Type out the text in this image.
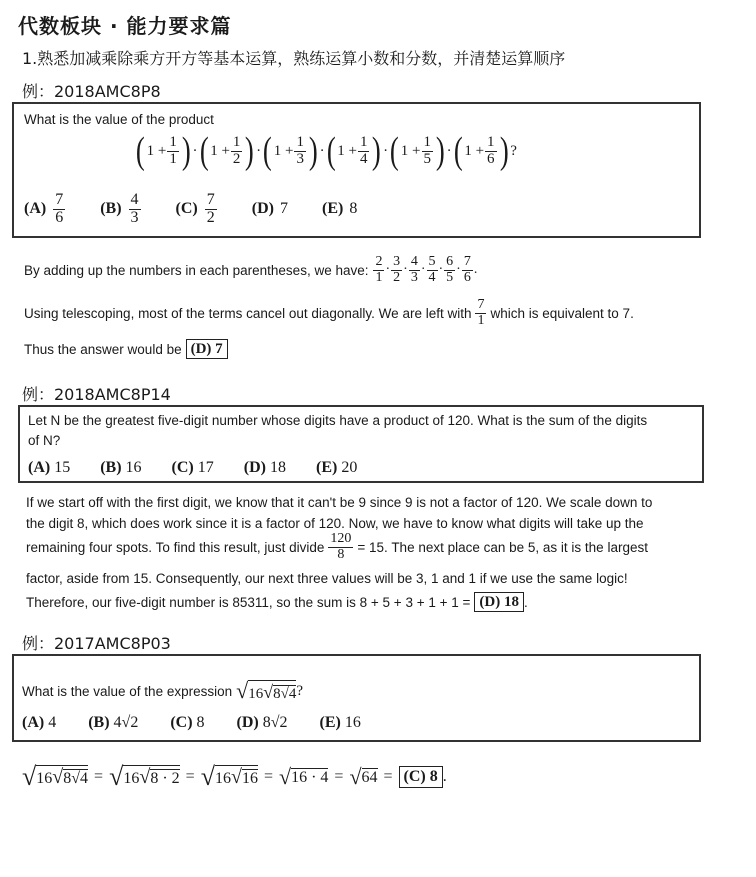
代数板块 · 能力要求篇
1.熟悉加减乘除乘方开方等基本运算，熟练运算小数和分数，并清楚运算顺序
例：2018AMC8P8
What is the value of the product
( $1 + \frac{1}{1}$ ) · ( $1 + \frac{1}{2}$ ) · ( $1 + \frac{1}{3}$ ) · ( $1 + \frac{1}{4}$ ) · ( $1 + \frac{1}{5}$ ) · ( $1 + \frac{1}{6}$ ) ?
$(A) \frac{7}{6} (B) \frac{4}{3} (C) \frac{7}{2} (D)$ 7 (E) 8
By adding up the numbers in each parentheses, we have: $\frac{2}{1} \cdot \frac{3}{2} \cdot \frac{4}{3} \cdot \frac{5}{4} \cdot \frac{6}{5} \cdot \frac{7}{6}$ .
Using telescoping, most of the terms cancel out diagonally. We are left with $\frac{7}{1}$ which is equivalent to 7.
Thus the answer would be (D) 7
例：2018AMC8P14
Let N be the greatest five-digit number whose digits have a product of 120. What is the sum of the digits
of N?
(A) 15 (B) 16 (C) 17 (D) 18 (E) 20
If we start off with the first digit, we know that it can't be 9 since 9 is not a factor of 120. We scale down to
the digit 8, which does work since it is a factor of 120. Now, we have to know what digits will take up the
remaining four spots. To find this result, just divide $\frac{120}{8} = 15$. The next place can be 5, as it is the largest
factor, aside from 15. Consequently, our next three values will be 3, 1 and 1 if we use the same logic!
Therefore, our five-digit number is 85311, so the sum is 8 + 5 + 3 + 1 + 1 = (D) 18 .
例：2017AMC8P03
What is the value of the expression √ 16√8√4 ?
(A) 4 (B) 4√2 (C) 8 (D) 8√2 (E) 16
√ 16√8√4 = √ 16√8 · 2 = √ 16√16 = √ 16 · 4 = √ 64 = (C) 8 .
